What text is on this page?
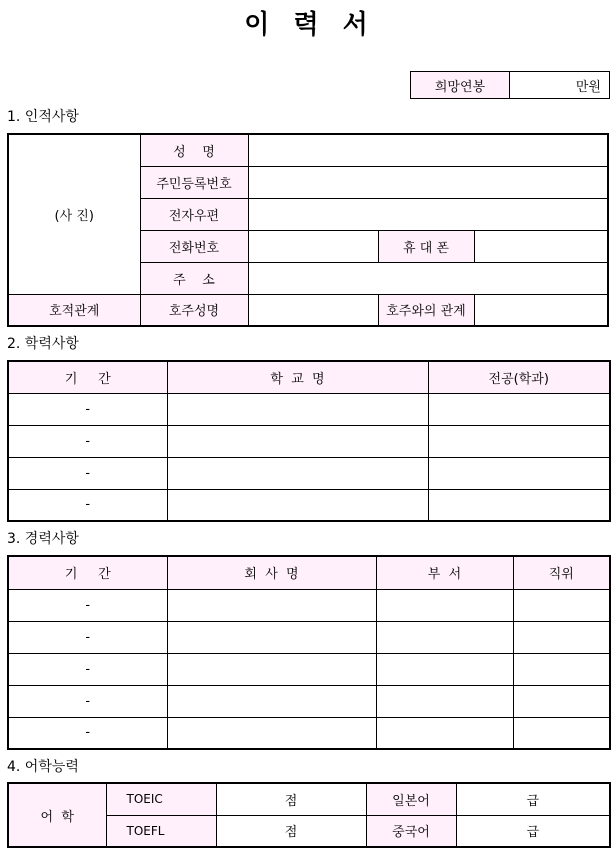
이  력  서
희망연봉	만원
1. 인적사항
(사 진)	성    명			
	주민등록번호			
	전자우편			
	전화번호		휴 대 폰	
	주    소			
호적관계	호주성명		호주와의 관계	
2. 학력사항
기     간	학  교  명	전공(학과)
-		
-		
-		
-		
3. 경력사항
기     간	회  사  명	부  서	직위
-			
-			
-			
-			
-			
4. 어학능력
어  학	TOEIC	점	일본어	급
	TOEFL	점	중국어	급
